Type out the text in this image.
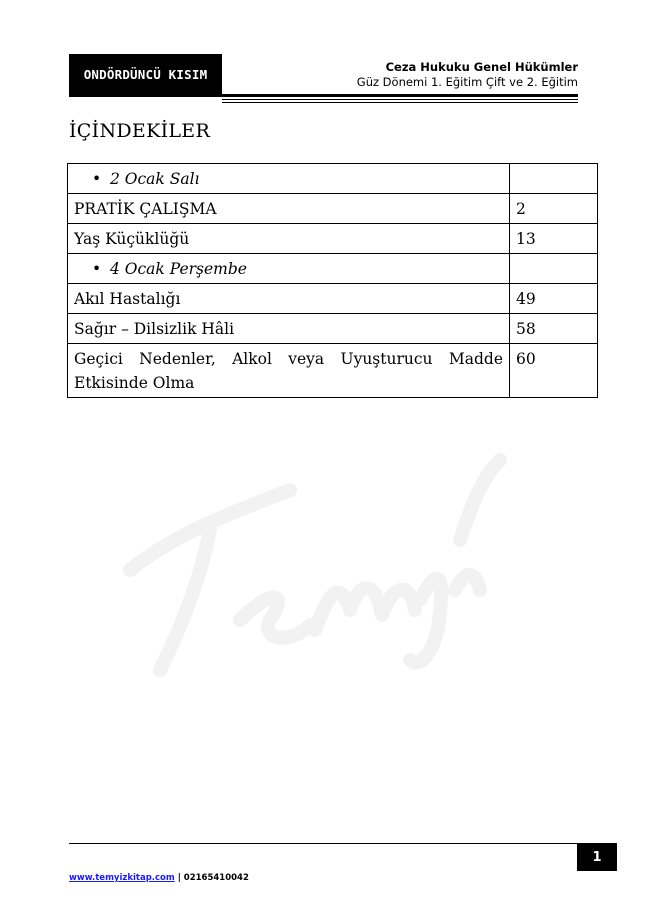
ONDÖRDÜNCÜ KISIM	Ceza Hukuku Genel Hükümler
Güz Dönemi 1. Eğitim Çift ve 2. Eğitim
İÇİNDEKİLER
• 2 Ocak Salı	
PRATİK ÇALIŞMA	2
Yaş Küçüklüğü	13
• 4 Ocak Perşembe	
Akıl Hastalığı	49
Sağır – Dilsizlik Hâli	58
Geçici Nedenler, Alkol veya Uyuşturucu Madde Etkisinde Olma	60
1
www.temyizkitap.com | 02165410042
